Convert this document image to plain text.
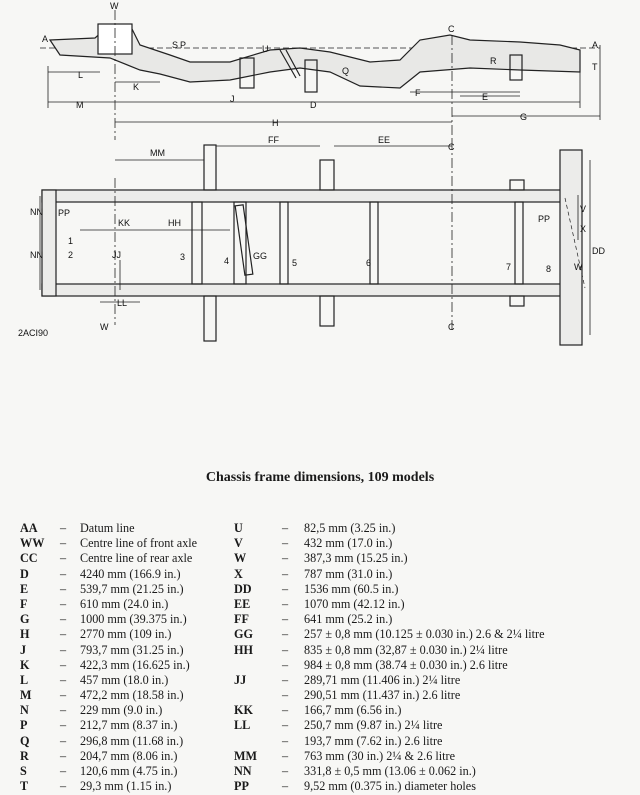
W
A
A
C
S P	U
Q
R
T
L
K
M
J
D
F	E
H
G
MM
FF	EE
NN
NN
PP
PP
KK	HH
GG
JJ
LL
W
W
C
C
V
X
DD
1
2	3	4	5	6	7	8
2ACI90
Chassis frame dimensions, 109 models
AA	–	Datum line
WW	–	Centre line of front axle
CC	–	Centre line of rear axle
D	–	4240 mm (166.9 in.)
E	–	539,7 mm (21.25 in.)
F	–	610 mm (24.0 in.)
G	–	1000 mm (39.375 in.)
H	–	2770 mm (109 in.)
J	–	793,7 mm (31.25 in.)
K	–	422,3 mm (16.625 in.)
L	–	457 mm (18.0 in.)
M	–	472,2 mm (18.58 in.)
N	–	229 mm (9.0 in.)
P	–	212,7 mm (8.37 in.)
Q	–	296,8 mm (11.68 in.)
R	–	204,7 mm (8.06 in.)
S	–	120,6 mm (4.75 in.)
T	–	29,3 mm (1.15 in.)
U	–	82,5 mm (3.25 in.)
V	–	432 mm (17.0 in.)
W	–	387,3 mm (15.25 in.)
X	–	787 mm (31.0 in.)
DD	–	1536 mm (60.5 in.)
EE	–	1070 mm (42.12 in.)
FF	–	641 mm (25.2 in.)
GG	–	257 ± 0,8 mm (10.125 ± 0.030 in.) 2.6 & 2¼ litre
HH	–	835 ± 0,8 mm (32,87 ± 0.030 in.) 2¼ litre
–	984 ± 0,8 mm (38.74 ± 0.030 in.) 2.6 litre
JJ	–	289,71 mm (11.406 in.) 2¼ litre
–	290,51 mm (11.437 in.) 2.6 litre
KK	–	166,7 mm (6.56 in.)
LL	–	250,7 mm (9.87 in.) 2¼ litre
–	193,7 mm (7.62 in.) 2.6 litre
MM	–	763 mm (30 in.) 2¼ & 2.6 litre
NN	–	331,8 ± 0,5 mm (13.06 ± 0.062 in.)
PP	–	9,52 mm (0.375 in.) diameter holes
